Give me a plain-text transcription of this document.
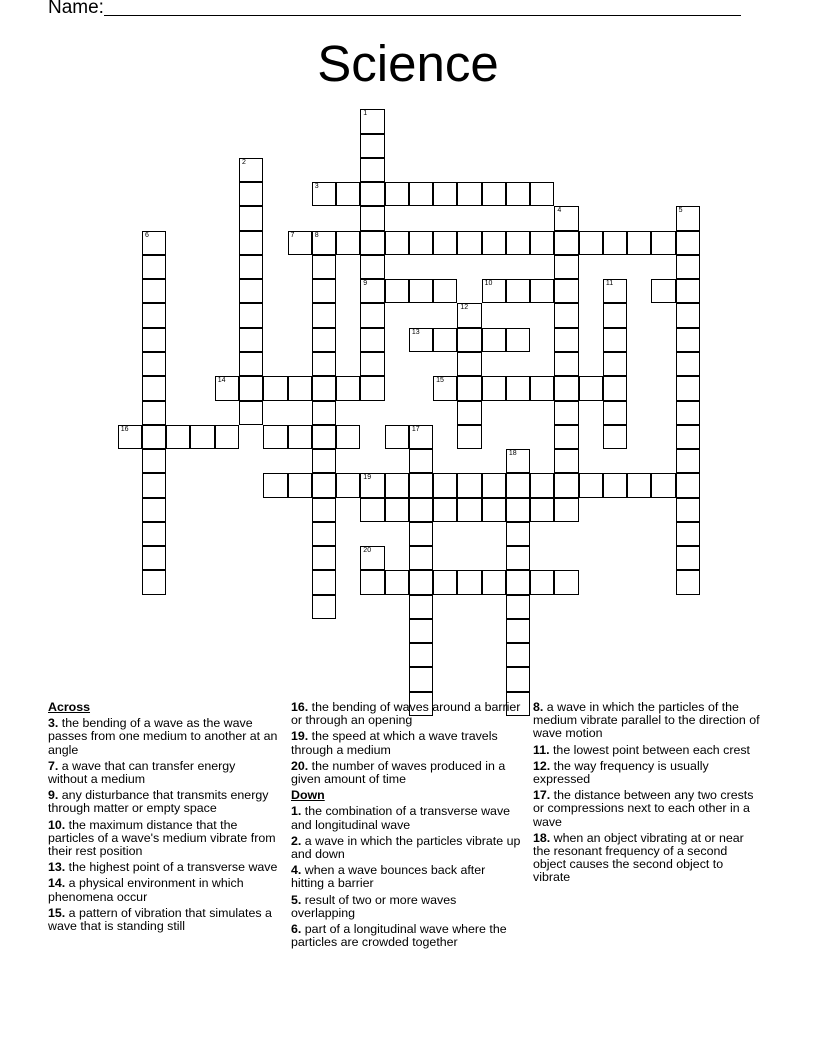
Name:
Science
9
4
10
13
14	15
16	17
1
2
3
5
6	7	8
11
12
18
19
20
Across
3. the bending of a wave as the wave passes from one medium to another at an angle
7. a wave that can transfer energy without a medium
9. any disturbance that transmits energy through matter or empty space
10. the maximum distance that the particles of a wave's medium vibrate from their rest position
13. the highest point of a transverse wave
14. a physical environment in which phenomena occur
15. a pattern of vibration that simulates a wave that is standing still
16. the bending of waves around a barrier or through an opening
19. the speed at which a wave travels through a medium
20. the number of waves produced in a given amount of time
Down
1. the combination of a transverse wave and longitudinal wave
2. a wave in which the particles vibrate up and down
4. when a wave bounces back after hitting a barrier
5. result of two or more waves overlapping
6. part of a longitudinal wave where the particles are crowded together
8. a wave in which the particles of the medium vibrate parallel to the direction of wave motion
11. the lowest point between each crest
12. the way frequency is usually expressed
17. the distance between any two crests or compressions next to each other in a wave
18. when an object vibrating at or near the resonant frequency of a second object causes the second object to vibrate
